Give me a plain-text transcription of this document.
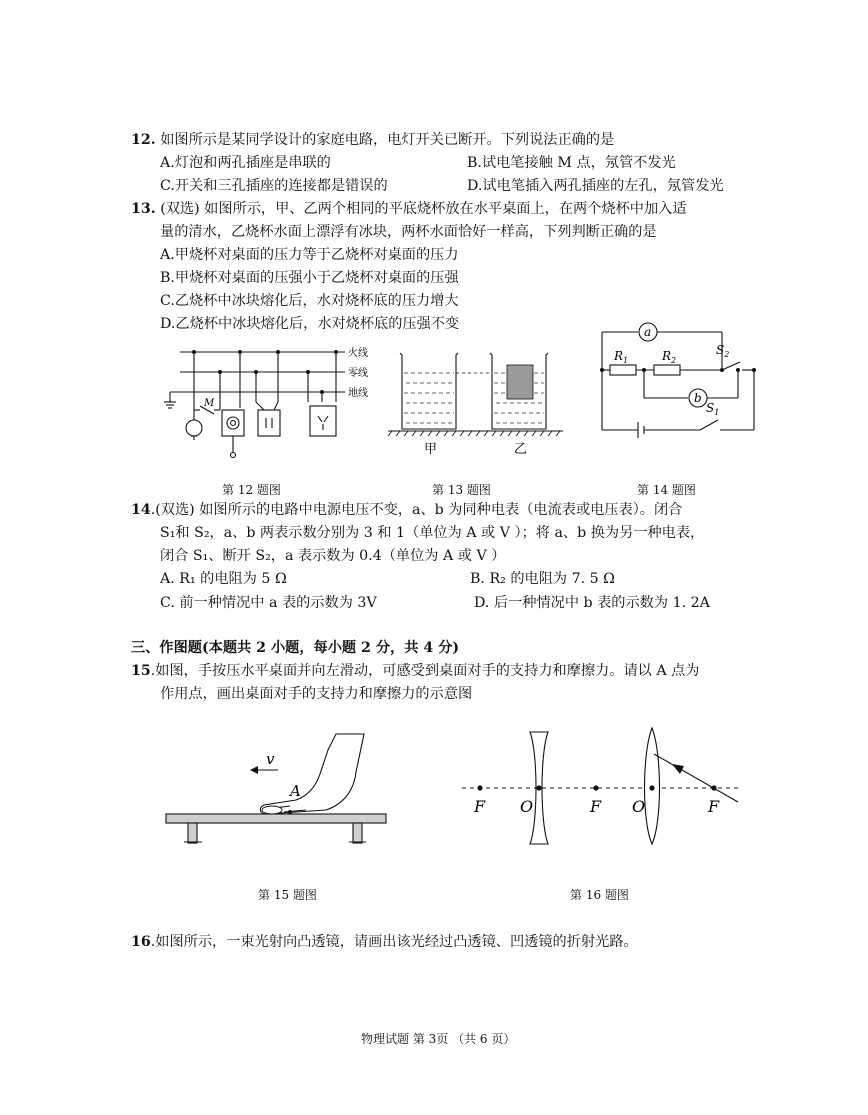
12. 如图所示是某同学设计的家庭电路，电灯开关已断开。下列说法正确的是
A.灯泡和两孔插座是串联的	B.试电笔接触 M 点，氖管不发光
C.开关和三孔插座的连接都是错误的	D.试电笔插入两孔插座的左孔，氖管发光
13. (双选) 如图所示，甲、乙两个相同的平底烧杯放在水平桌面上，在两个烧杯中加入适
量的清水，乙烧杯水面上漂浮有冰块，两杯水面恰好一样高，下列判断正确的是
A.甲烧杯对桌面的压力等于乙烧杯对桌面的压力
B.甲烧杯对桌面的压强小于乙烧杯对桌面的压强
C.乙烧杯中冰块熔化后，水对烧杯底的压力增大
D.乙烧杯中冰块熔化后，水对烧杯底的压强不变
火线
零线
地线
M
第 12 题图
甲	乙
第 13 题图
a
b
$R_1$	$R_2$
$S_2$
$S_1$
第 14 题图
14.(双选) 如图所示的电路中电源电压不变，a、b 为同种电表（电流表或电压表）。闭合
S₁和 S₂，a、b 两表示数分别为 3 和 1（单位为 A 或 V ）；将 a、b 换为另一种电表，
闭合 S₁、断开 S₂，a 表示数为 0.4（单位为 A 或 V ）
A. R₁ 的电阻为 5 Ω	B. R₂ 的电阻为 7. 5 Ω
C. 前一种情况中 a 表的示数为 3V	D. 后一种情况中 b 表的示数为 1. 2A
三、作图题(本题共 2 小题，每小题 2 分，共 4 分)
15.如图，手按压水平桌面并向左滑动，可感受到桌面对手的支持力和摩擦力。请以 A 点为
作用点，画出桌面对手的支持力和摩擦力的示意图
v
A
第 15 题图
F O	F O	F
第 16 题图
16.如图所示，一束光射向凸透镜，请画出该光经过凸透镜、凹透镜的折射光路。
物理试题 第 3页 （共 6 页）
